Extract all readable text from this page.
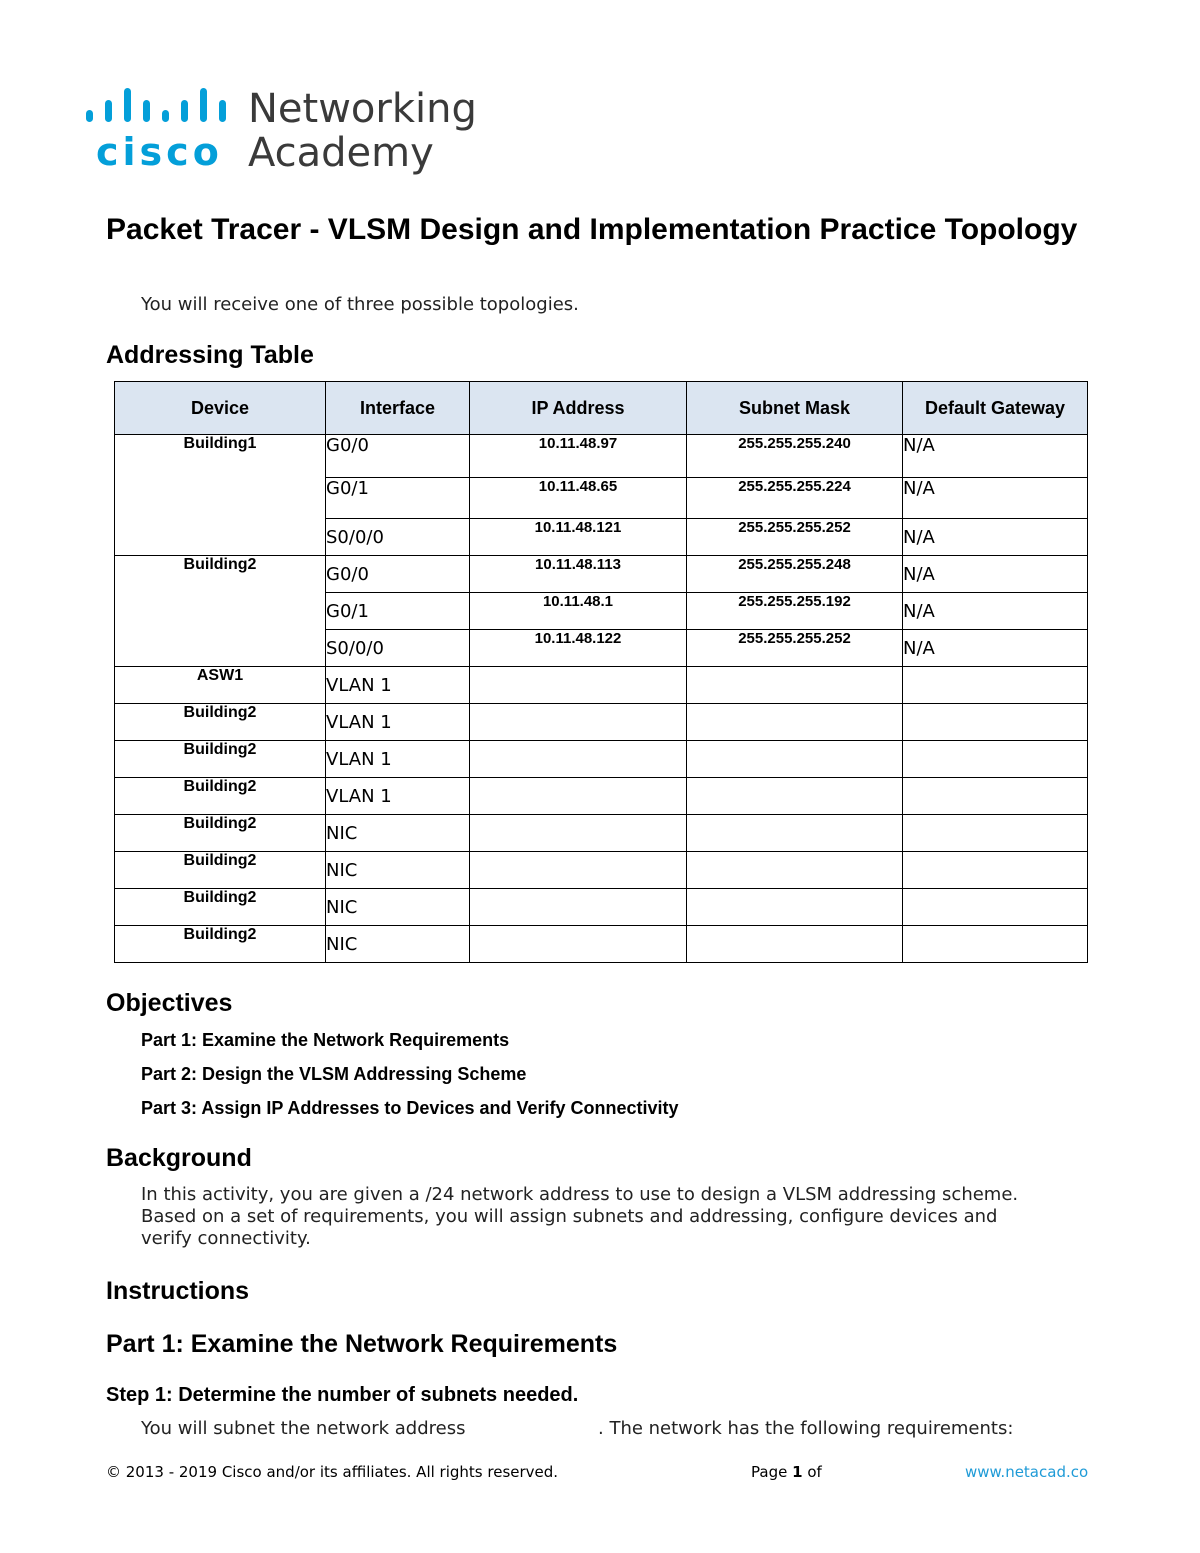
cisco
Networking
Academy
Packet Tracer - VLSM Design and Implementation Practice Topology
You will receive one of three possible topologies.
Addressing Table
Device	Interface	IP Address	Subnet Mask	Default Gateway
Building1	G0/0	10.11.48.97	255.255.255.240	N/A
	G0/1	10.11.48.65	255.255.255.224	N/A
	S0/0/0	10.11.48.121	255.255.255.252	N/A
Building2	G0/0	10.11.48.113	255.255.255.248	N/A
	G0/1	10.11.48.1	255.255.255.192	N/A
	S0/0/0	10.11.48.122	255.255.255.252	N/A
ASW1	VLAN 1			
Building2	VLAN 1			
Building2	VLAN 1			
Building2	VLAN 1			
Building2	NIC			
Building2	NIC			
Building2	NIC			
Building2	NIC			
Objectives
Part 1: Examine the Network Requirements
Part 2: Design the VLSM Addressing Scheme
Part 3: Assign IP Addresses to Devices and Verify Connectivity
Background
In this activity, you are given a /24 network address to use to design a VLSM addressing scheme.
Based on a set of requirements, you will assign subnets and addressing, configure devices and
verify connectivity.
Instructions
Part 1: Examine the Network Requirements
Step 1: Determine the number of subnets needed.
You will subnet the network address	. The network has the following requirements:
© 2013 - 2019 Cisco and/or its affiliates. All rights reserved.	Page 1 of	www.netacad.co
